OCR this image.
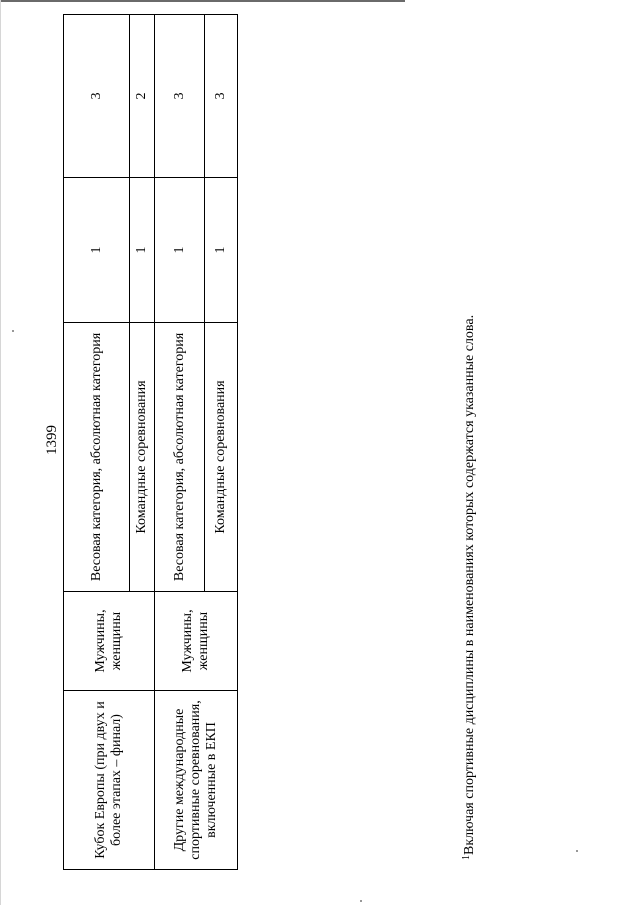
1399
Кубок Европы (при двух и более этапах – финал)	Мужчины, женщины	Весовая категория, абсолютная категория	1	3
		Командные соревнования	1	2
Другие международные спортивные соревнования, включенные в ЕКП	Мужчины, женщины	Весовая категория, абсолютная категория	1	3
		Командные соревнования	1	3
$^1$Включая спортивные дисциплины в наименованиях которых содержатся указанные слова.
